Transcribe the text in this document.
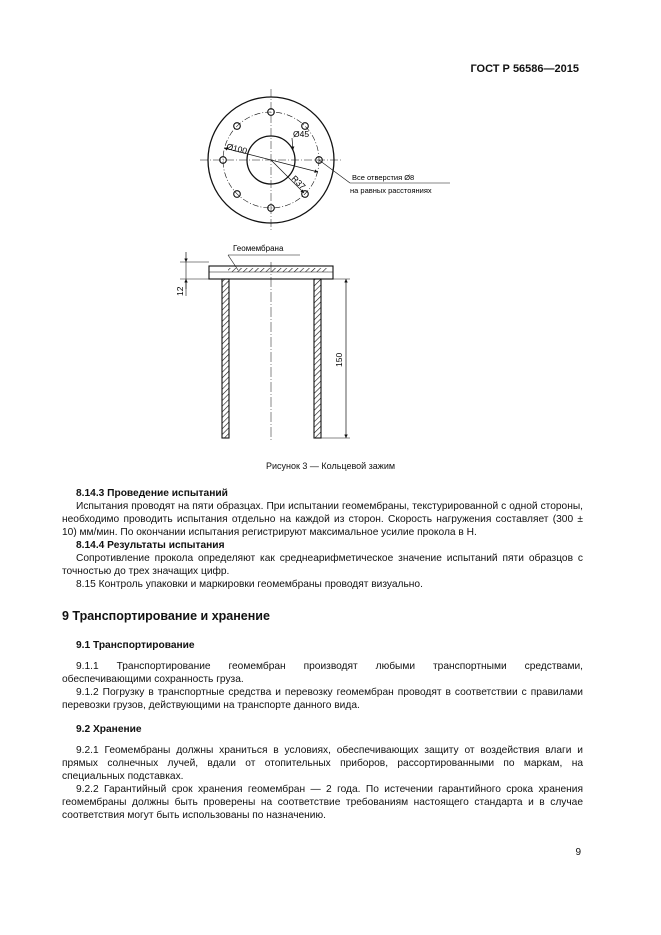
ГОСТ Р 56586—2015
Ø100
Ø45
R37	Все отверстия Ø8
на равных расстояниях
Геомембрана
12
150
Рисунок 3 — Кольцевой зажим

8.14.3 Проведение испытаний

Испытания проводят на пяти образцах. При испытании геомембраны, текстурированной с одной стороны, необходимо проводить испытания отдельно на каждой из сторон. Скорость нагружения составляет (300 ± 10) мм/мин. По окончании испытания регистрируют максимальное усилие прокола в Н.

8.14.4 Результаты испытания

Сопротивление прокола определяют как среднеарифметическое значение испытаний пяти образцов с точностью до трех значащих цифр.

8.15 Контроль упаковки и маркировки геомембраны проводят визуально.

9 Транспортирование и хранение

9.1 Транспортирование

9.1.1 Транспортирование геомембран производят любыми транспортными средствами, обеспечивающими сохранность груза.

9.1.2 Погрузку в транспортные средства и перевозку геомембран проводят в соответствии с правилами перевозки грузов, действующими на транспорте данного вида.

9.2 Хранение

9.2.1 Геомембраны должны храниться в условиях, обеспечивающих защиту от воздействия влаги и прямых солнечных лучей, вдали от отопительных приборов, рассортированными по маркам, на специальных подставках.

9.2.2 Гарантийный срок хранения геомембран — 2 года. По истечении гарантийного срока хранения геомембраны должны быть проверены на соответствие требованиям настоящего стандарта и в случае соответствия могут быть использованы по назначению.

9
